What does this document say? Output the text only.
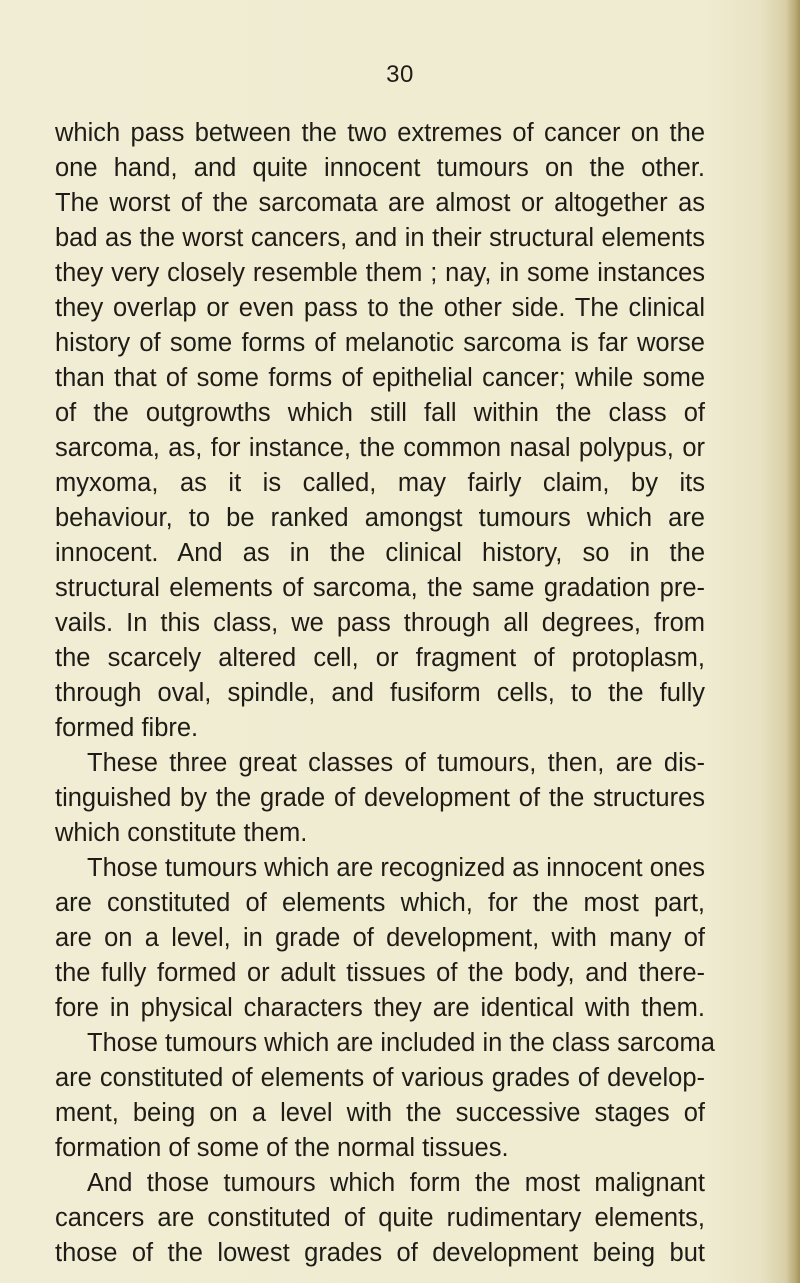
30
which pass between the two extremes of cancer on the
one hand, and quite innocent tumours on the other.
The worst of the sarcomata are almost or altogether as
bad as the worst cancers, and in their structural elements
they very closely resemble them ; nay, in some instances
they overlap or even pass to the other side. The clinical
history of some forms of melanotic sarcoma is far worse
than that of some forms of epithelial cancer; while some
of the outgrowths which still fall within the class of
sarcoma, as, for instance, the common nasal polypus, or
myxoma, as it is called, may fairly claim, by its
behaviour, to be ranked amongst tumours which are
innocent. And as in the clinical history, so in the
structural elements of sarcoma, the same gradation pre-
vails. In this class, we pass through all degrees, from
the scarcely altered cell, or fragment of protoplasm,
through oval, spindle, and fusiform cells, to the fully
formed fibre.
These three great classes of tumours, then, are dis-
tinguished by the grade of development of the structures
which constitute them.
Those tumours which are recognized as innocent ones
are constituted of elements which, for the most part,
are on a level, in grade of development, with many of
the fully formed or adult tissues of the body, and there-
fore in physical characters they are identical with them.
Those tumours which are included in the class sarcoma
are constituted of elements of various grades of develop-
ment, being on a level with the successive stages of
formation of some of the normal tissues.
And those tumours which form the most malignant
cancers are constituted of quite rudimentary elements,
those of the lowest grades of development being but
